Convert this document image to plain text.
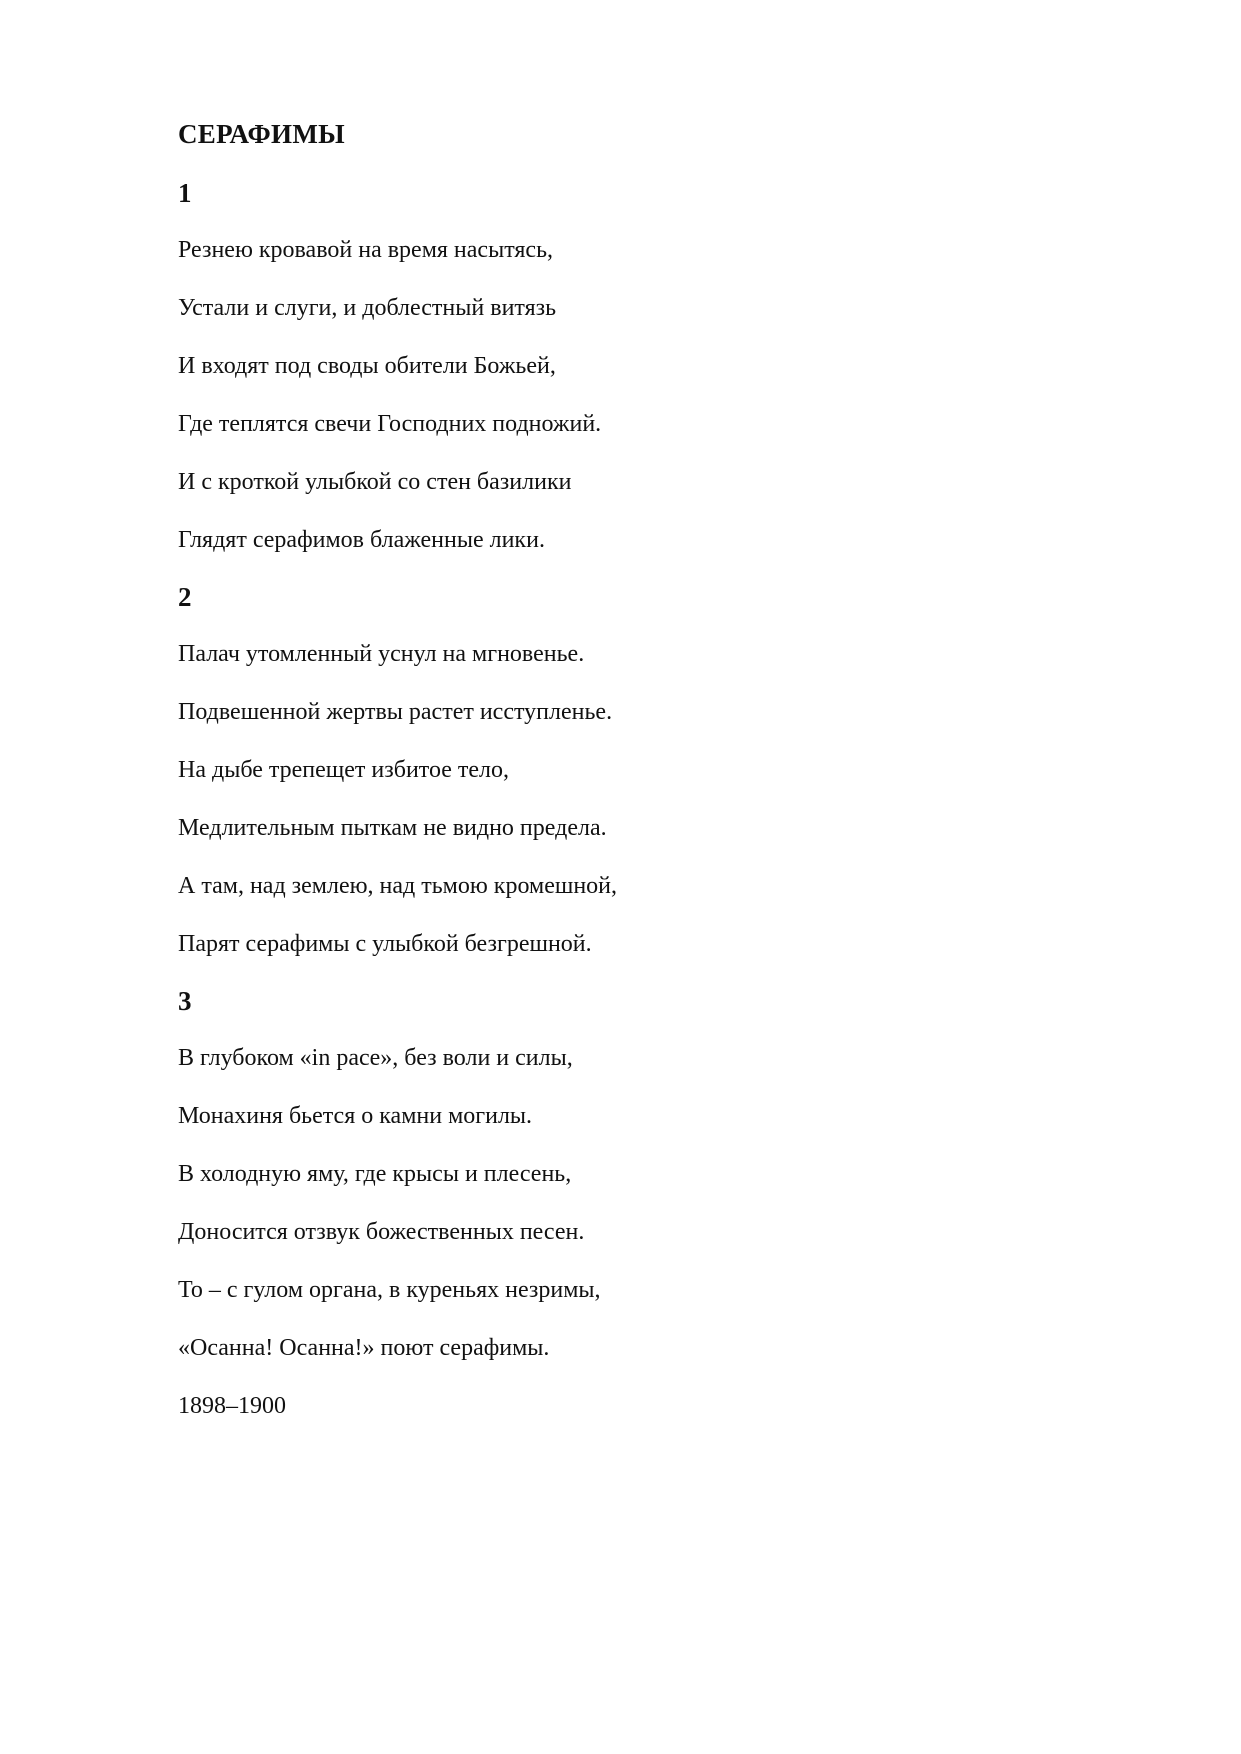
СЕРАФИМЫ
1
Резнею кровавой на время насытясь,
Устали и слуги, и доблестный витязь
И входят под своды обители Божьей,
Где теплятся свечи Господних подножий.
И с кроткой улыбкой со стен базилики
Глядят серафимов блаженные лики.
2
Палач утомленный уснул на мгновенье.
Подвешенной жертвы растет исступленье.
На дыбе трепещет избитое тело,
Медлительным пыткам не видно предела.
А там, над землею, над тьмою кромешной,
Парят серафимы с улыбкой безгрешной.
3
В глубоком «in pace», без воли и силы,
Монахиня бьется о камни могилы.
В холодную яму, где крысы и плесень,
Доносится отзвук божественных песен.
То – с гулом органа, в куреньях незримы,
«Осанна! Осанна!» поют серафимы.
1898–1900
